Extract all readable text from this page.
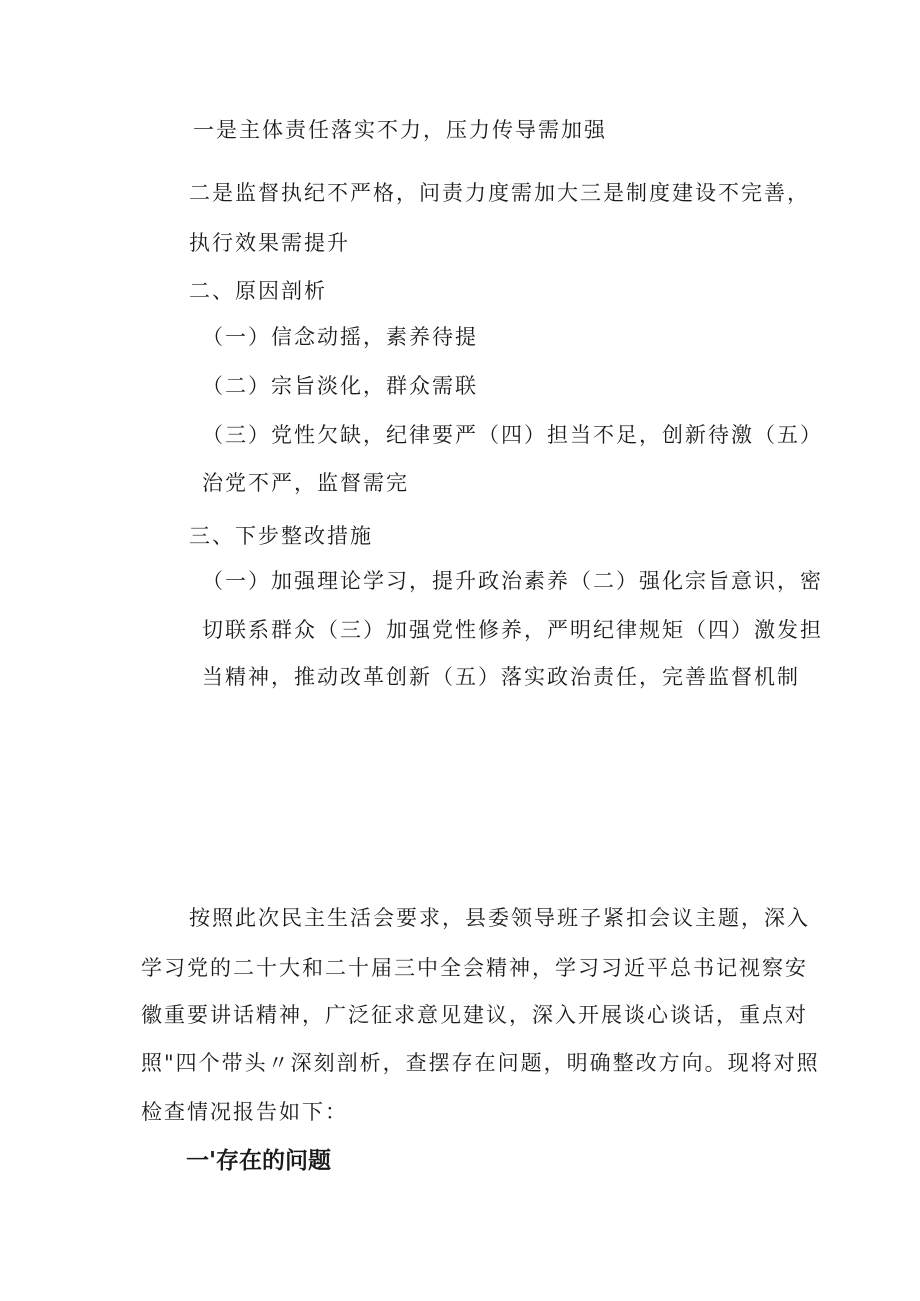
一是主体责任落实不力，压力传导需加强
二是监督执纪不严格，问责力度需加大三是制度建设不完善，
执行效果需提升
二、原因剖析
（一）信念动摇，素养待提
（二）宗旨淡化，群众需联
（三）党性欠缺，纪律要严（四）担当不足，创新待激（五）
治党不严，监督需完
三、下步整改措施
（一）加强理论学习，提升政治素养（二）强化宗旨意识，密
切联系群众（三）加强党性修养，严明纪律规矩（四）激发担
当精神，推动改革创新（五）落实政治责任，完善监督机制
按照此次民主生活会要求，县委领导班子紧扣会议主题，深入
学习党的二十大和二十届三中全会精神，学习习近平总书记视察安
徽重要讲话精神，广泛征求意见建议，深入开展谈心谈话，重点对
照"四个带头〃深刻剖析，查摆存在问题，明确整改方向。现将对照
检查情况报告如下：
一'存在的问题
